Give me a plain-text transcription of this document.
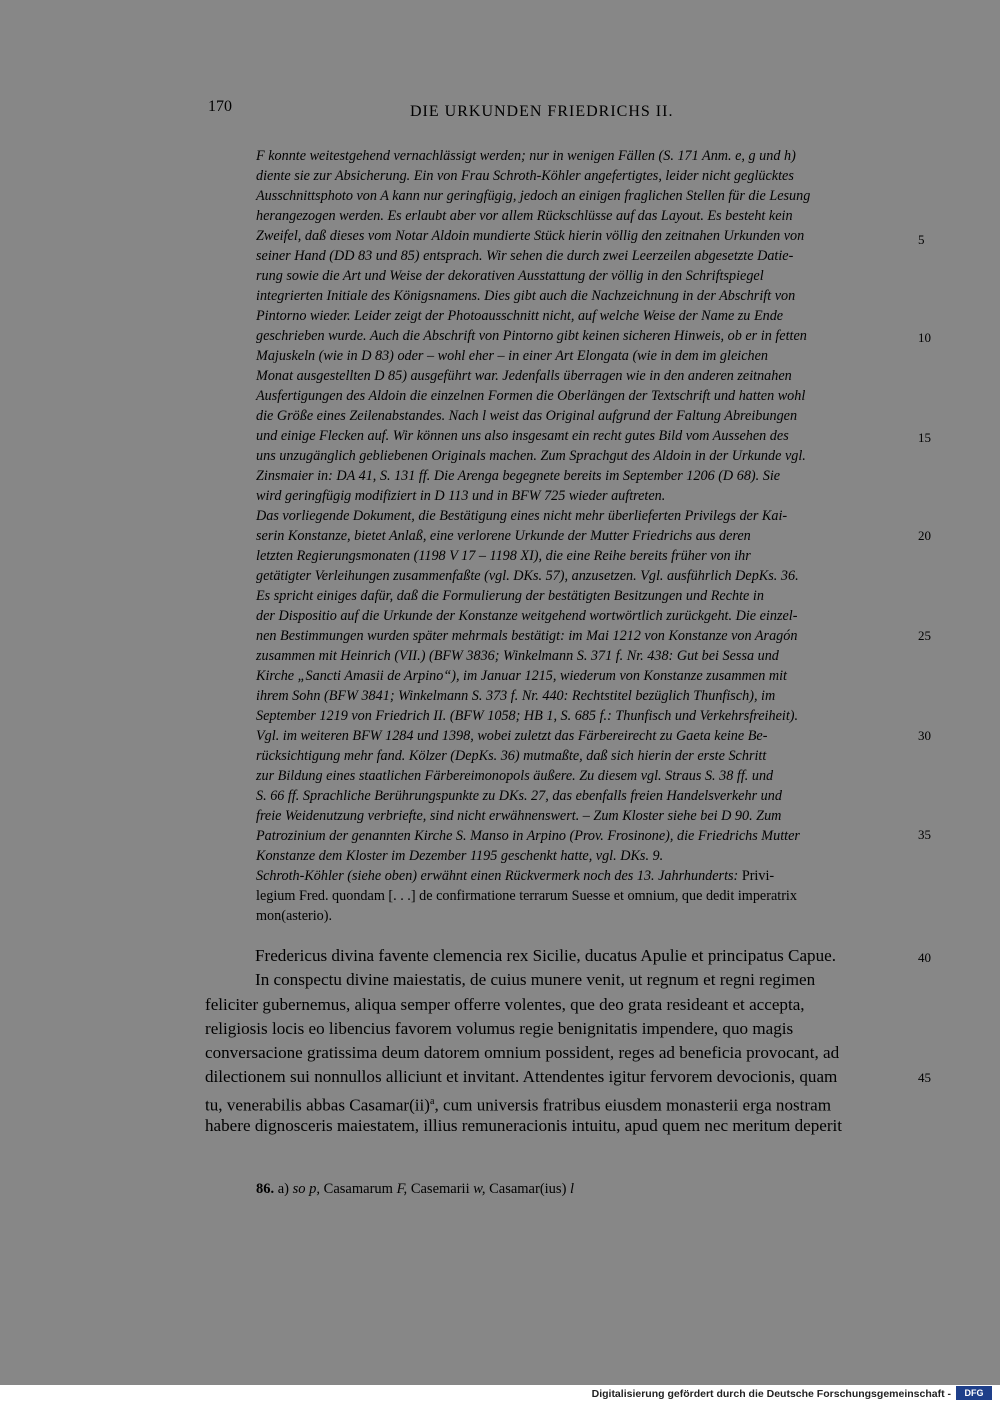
170	DIE URKUNDEN FRIEDRICHS II.
F konnte weitestgehend vernachlässigt werden; nur in wenigen Fällen (S. 171 Anm. e, g und h)
diente sie zur Absicherung. Ein von Frau Schroth-Köhler angefertigtes, leider nicht geglücktes
Ausschnittsphoto von A kann nur geringfügig, jedoch an einigen fraglichen Stellen für die Lesung
herangezogen werden. Es erlaubt aber vor allem Rückschlüsse auf das Layout. Es besteht kein
Zweifel, daß dieses vom Notar Aldoin mundierte Stück hierin völlig den zeitnahen Urkunden von
seiner Hand (DD 83 und 85) entsprach. Wir sehen die durch zwei Leerzeilen abgesetzte Datie-
rung sowie die Art und Weise der dekorativen Ausstattung der völlig in den Schriftspiegel
integrierten Initiale des Königsnamens. Dies gibt auch die Nachzeichnung in der Abschrift von
Pintorno wieder. Leider zeigt der Photoausschnitt nicht, auf welche Weise der Name zu Ende
geschrieben wurde. Auch die Abschrift von Pintorno gibt keinen sicheren Hinweis, ob er in fetten
Majuskeln (wie in D 83) oder – wohl eher – in einer Art Elongata (wie in dem im gleichen
Monat ausgestellten D 85) ausgeführt war. Jedenfalls überragen wie in den anderen zeitnahen
Ausfertigungen des Aldoin die einzelnen Formen die Oberlängen der Textschrift und hatten wohl
die Größe eines Zeilenabstandes. Nach l weist das Original aufgrund der Faltung Abreibungen
und einige Flecken auf. Wir können uns also insgesamt ein recht gutes Bild vom Aussehen des
uns unzugänglich gebliebenen Originals machen. Zum Sprachgut des Aldoin in der Urkunde vgl.
Zinsmaier in: DA 41, S. 131 ff. Die Arenga begegnete bereits im September 1206 (D 68). Sie
wird geringfügig modifiziert in D 113 und in BFW 725 wieder auftreten.
Das vorliegende Dokument, die Bestätigung eines nicht mehr überlieferten Privilegs der Kai-
serin Konstanze, bietet Anlaß, eine verlorene Urkunde der Mutter Friedrichs aus deren
letzten Regierungsmonaten (1198 V 17 – 1198 XI), die eine Reihe bereits früher von ihr
getätigter Verleihungen zusammenfaßte (vgl. DKs. 57), anzusetzen. Vgl. ausführlich DepKs. 36.
Es spricht einiges dafür, daß die Formulierung der bestätigten Besitzungen und Rechte in
der Dispositio auf die Urkunde der Konstanze weitgehend wortwörtlich zurückgeht. Die einzel-
nen Bestimmungen wurden später mehrmals bestätigt: im Mai 1212 von Konstanze von Aragón
zusammen mit Heinrich (VII.) (BFW 3836; Winkelmann S. 371 f. Nr. 438: Gut bei Sessa und
Kirche „Sancti Amasii de Arpino“), im Januar 1215, wiederum von Konstanze zusammen mit
ihrem Sohn (BFW 3841; Winkelmann S. 373 f. Nr. 440: Rechtstitel bezüglich Thunfisch), im
September 1219 von Friedrich II. (BFW 1058; HB 1, S. 685 f.: Thunfisch und Verkehrsfreiheit).
Vgl. im weiteren BFW 1284 und 1398, wobei zuletzt das Färbereirecht zu Gaeta keine Be-
rücksichtigung mehr fand. Kölzer (DepKs. 36) mutmaßte, daß sich hierin der erste Schritt
zur Bildung eines staatlichen Färbereimonopols äußere. Zu diesem vgl. Straus S. 38 ff. und
S. 66 ff. Sprachliche Berührungspunkte zu DKs. 27, das ebenfalls freien Handelsverkehr und
freie Weidenutzung verbriefte, sind nicht erwähnenswert. – Zum Kloster siehe bei D 90. Zum
Patrozinium der genannten Kirche S. Manso in Arpino (Prov. Frosinone), die Friedrichs Mutter
Konstanze dem Kloster im Dezember 1195 geschenkt hatte, vgl. DKs. 9.
Schroth-Köhler (siehe oben) erwähnt einen Rückvermerk noch des 13. Jahrhunderts: Privi-
legium Fred. quondam [. . .] de confirmatione terrarum Suesse et omnium, que dedit imperatrix
mon(asterio).
Fredericus divina favente clemencia rex Sicilie, ducatus Apulie et principatus Capue.
In conspectu divine maiestatis, de cuius munere venit, ut regnum et regni regimen
feliciter gubernemus, aliqua semper offerre volentes, que deo grata resideant et accepta,
religiosis locis eo libencius favorem volumus regie benignitatis impendere, quo magis
conversacione gratissima deum datorem omnium possident, reges ad beneficia provocant, ad
dilectionem sui nonnullos alliciunt et invitant. Attendentes igitur fervorem devocionis, quam
tu, venerabilis abbas Casamar(ii)$^a$, cum universis fratribus eiusdem monasterii erga nostram
habere dignosceris maiestatem, illius remuneracionis intuitu, apud quem nec meritum deperit
5
10
15
20
25
30
35
40
45
86. a) so p, Casamarum F, Casemarii w, Casamar(ius) l
Digitalisierung gefördert durch die Deutsche Forschungsgemeinschaft -	DFG
